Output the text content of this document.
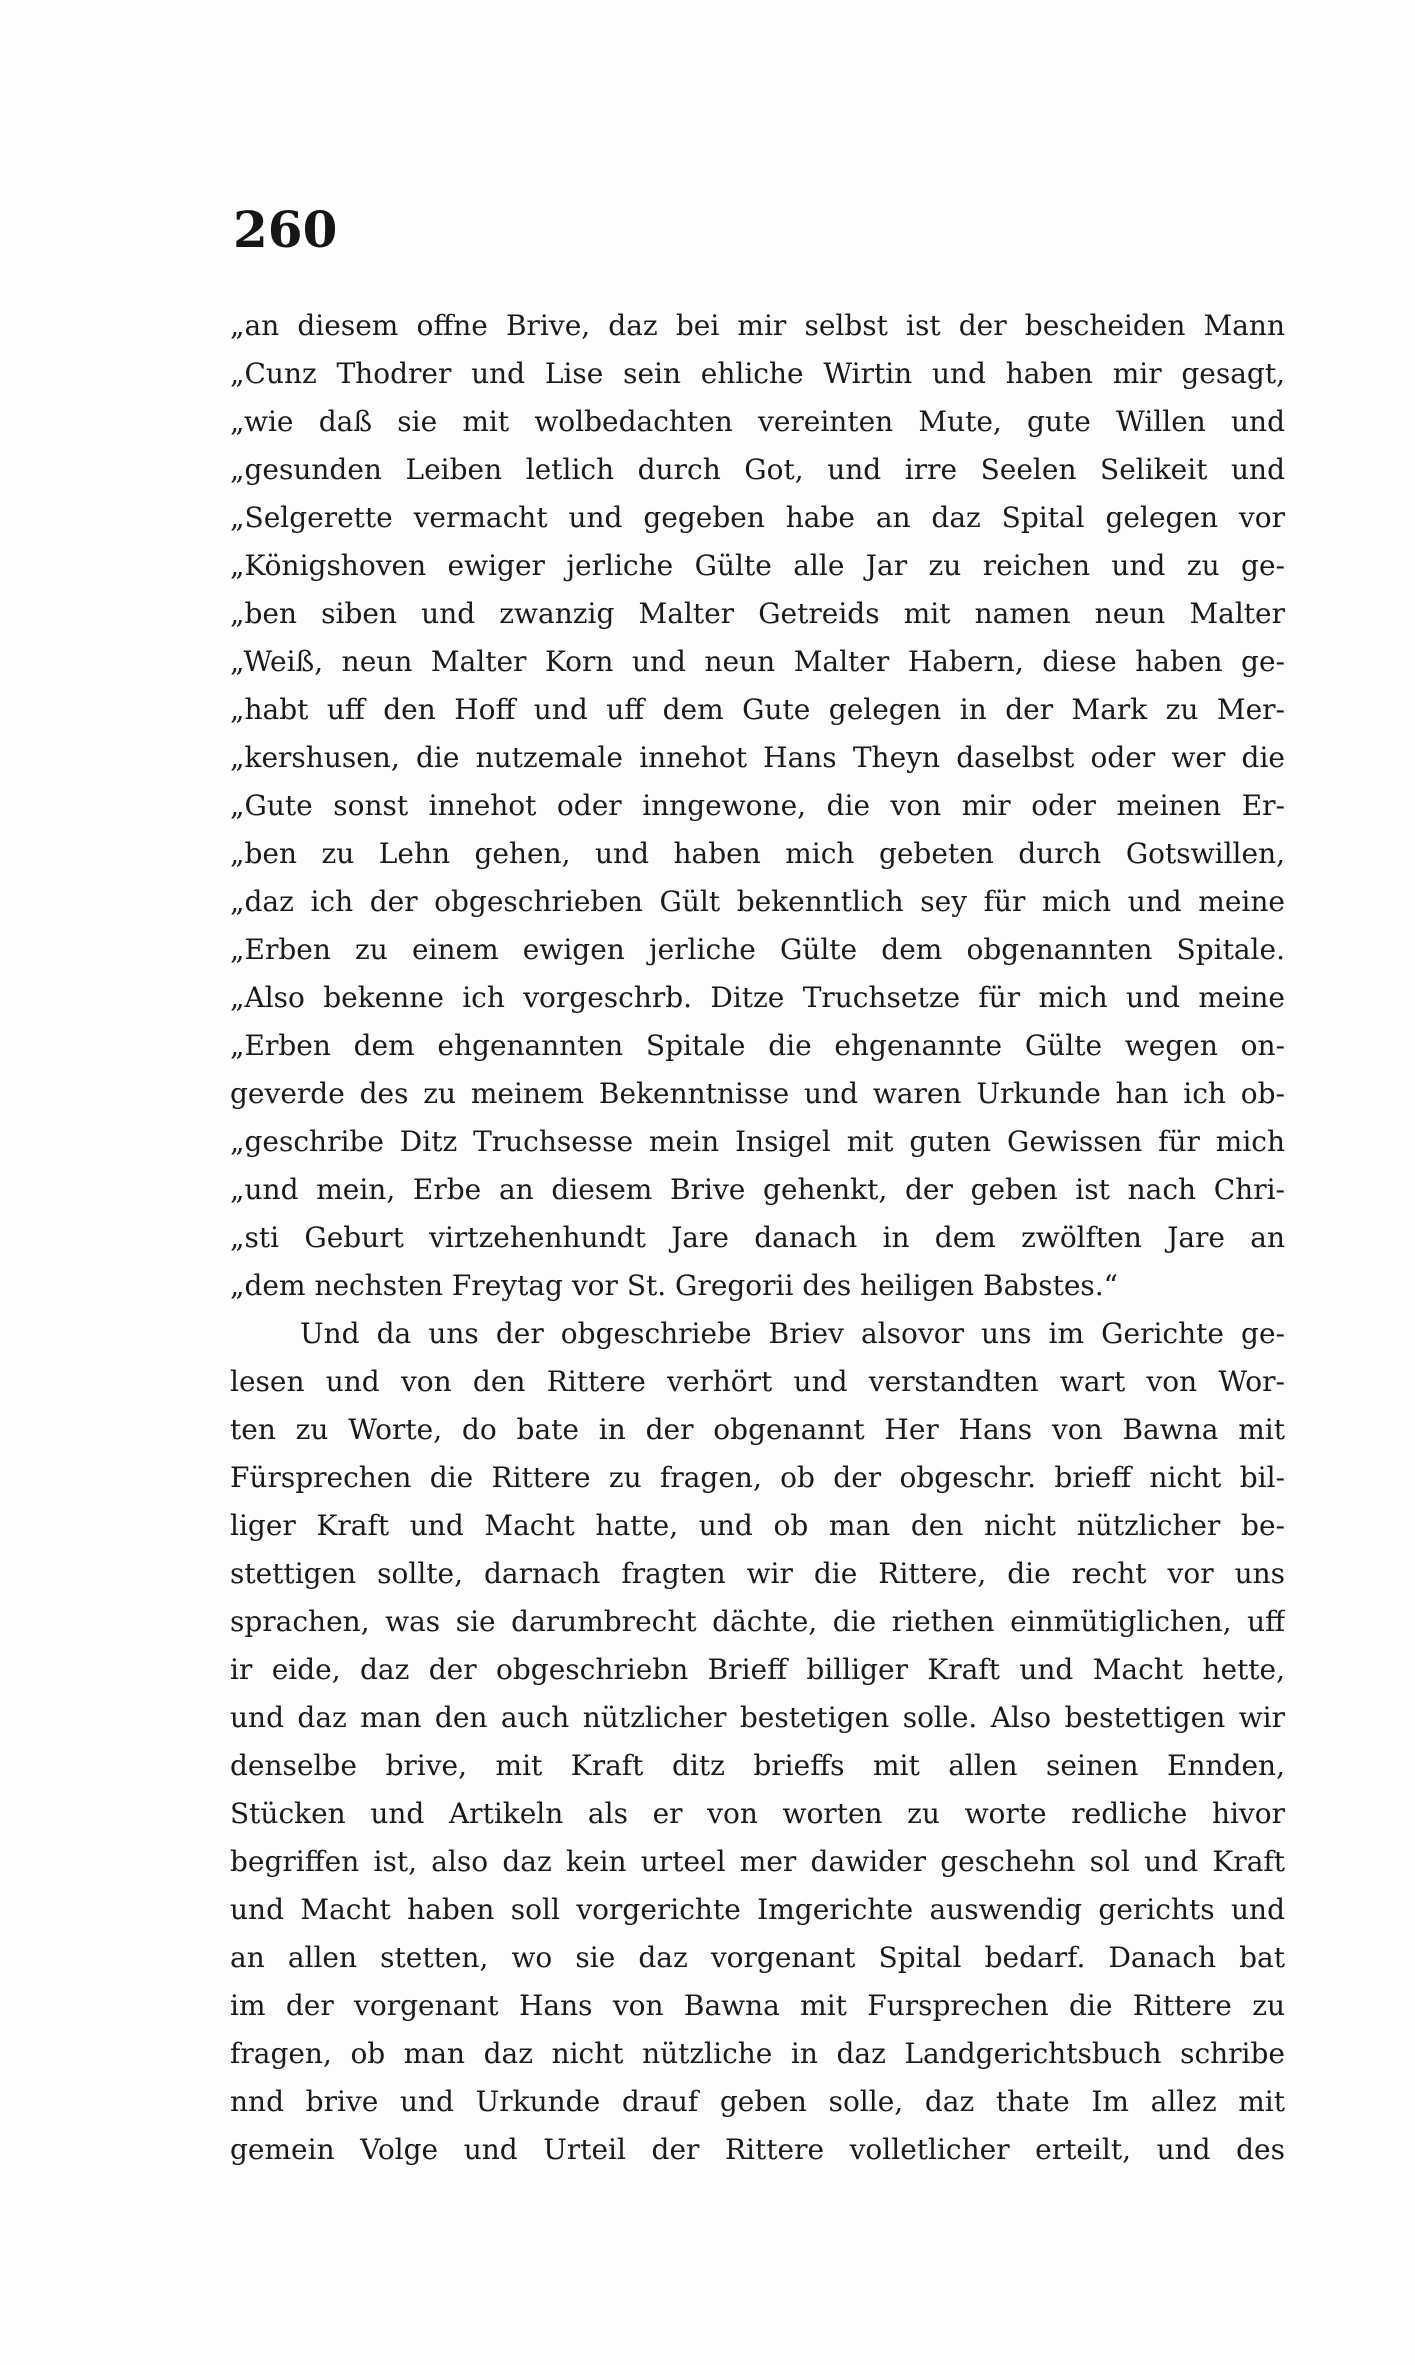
260
„an diesem offne Brive, daz bei mir selbst ist der bescheiden Mann
„Cunz Thodrer und Lise sein ehliche Wirtin und haben mir gesagt,
„wie daß sie mit wolbedachten vereinten Mute, gute Willen und
„gesunden Leiben letlich durch Got, und irre Seelen Selikeit und
„Selgerette vermacht und gegeben habe an daz Spital gelegen vor
„Königshoven ewiger jerliche Gülte alle Jar zu reichen und zu ge-
„ben siben und zwanzig Malter Getreids mit namen neun Malter
„Weiß, neun Malter Korn und neun Malter Habern, diese haben ge-
„habt uff den Hoff und uff dem Gute gelegen in der Mark zu Mer-
„kershusen, die nutzemale innehot Hans Theyn daselbst oder wer die
„Gute sonst innehot oder inngewone, die von mir oder meinen Er-
„ben zu Lehn gehen, und haben mich gebeten durch Gotswillen,
„daz ich der obgeschrieben Gült bekenntlich sey für mich und meine
„Erben zu einem ewigen jerliche Gülte dem obgenannten Spitale.
„Also bekenne ich vorgeschrb. Ditze Truchsetze für mich und meine
„Erben dem ehgenannten Spitale die ehgenannte Gülte wegen on-
geverde des zu meinem Bekenntnisse und waren Urkunde han ich ob-
„geschribe Ditz Truchsesse mein Insigel mit guten Gewissen für mich
„und mein, Erbe an diesem Brive gehenkt, der geben ist nach Chri-
„sti Geburt virtzehenhundt Jare danach in dem zwölften Jare an
„dem nechsten Freytag vor St. Gregorii des heiligen Babstes.“
Und da uns der obgeschriebe Briev alsovor uns im Gerichte ge-
lesen und von den Rittere verhört und verstandten wart von Wor-
ten zu Worte, do bate in der obgenannt Her Hans von Bawna mit
Fürsprechen die Rittere zu fragen, ob der obgeschr. brieff nicht bil-
liger Kraft und Macht hatte, und ob man den nicht nützlicher be-
stettigen sollte, darnach fragten wir die Rittere, die recht vor uns
sprachen, was sie darumbrecht dächte, die riethen einmütiglichen, uff
ir eide, daz der obgeschriebn Brieff billiger Kraft und Macht hette,
und daz man den auch nützlicher bestetigen solle. Also bestettigen wir
denselbe brive, mit Kraft ditz brieffs mit allen seinen Ennden,
Stücken und Artikeln als er von worten zu worte redliche hivor
begriffen ist, also daz kein urteel mer dawider geschehn sol und Kraft
und Macht haben soll vorgerichte Imgerichte auswendig gerichts und
an allen stetten, wo sie daz vorgenant Spital bedarf. Danach bat
im der vorgenant Hans von Bawna mit Fursprechen die Rittere zu
fragen, ob man daz nicht nützliche in daz Landgerichtsbuch schribe
nnd brive und Urkunde drauf geben solle, daz thate Im allez mit
gemein Volge und Urteil der Rittere volletlicher erteilt, und des
